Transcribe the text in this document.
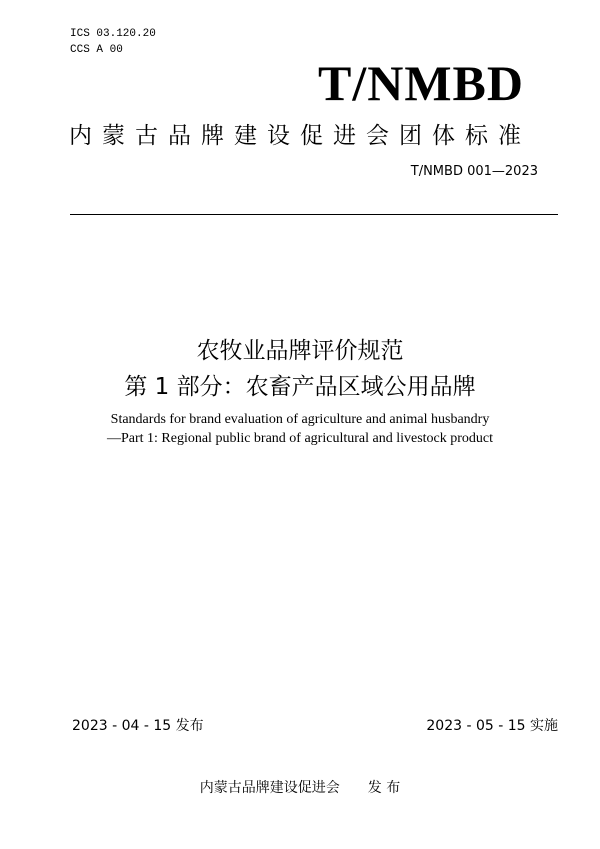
ICS 03.120.20
CCS A 00
T/NMBD
内蒙古品牌建设促进会团体标准
T/NMBD 001—2023
农牧业品牌评价规范
第 1 部分：农畜产品区域公用品牌
Standards for brand evaluation of agriculture and animal husbandry
—Part 1: Regional public brand of agricultural and livestock product
2023 - 04 - 15 发布	2023 - 05 - 15 实施
内蒙古品牌建设促进会 发 布
